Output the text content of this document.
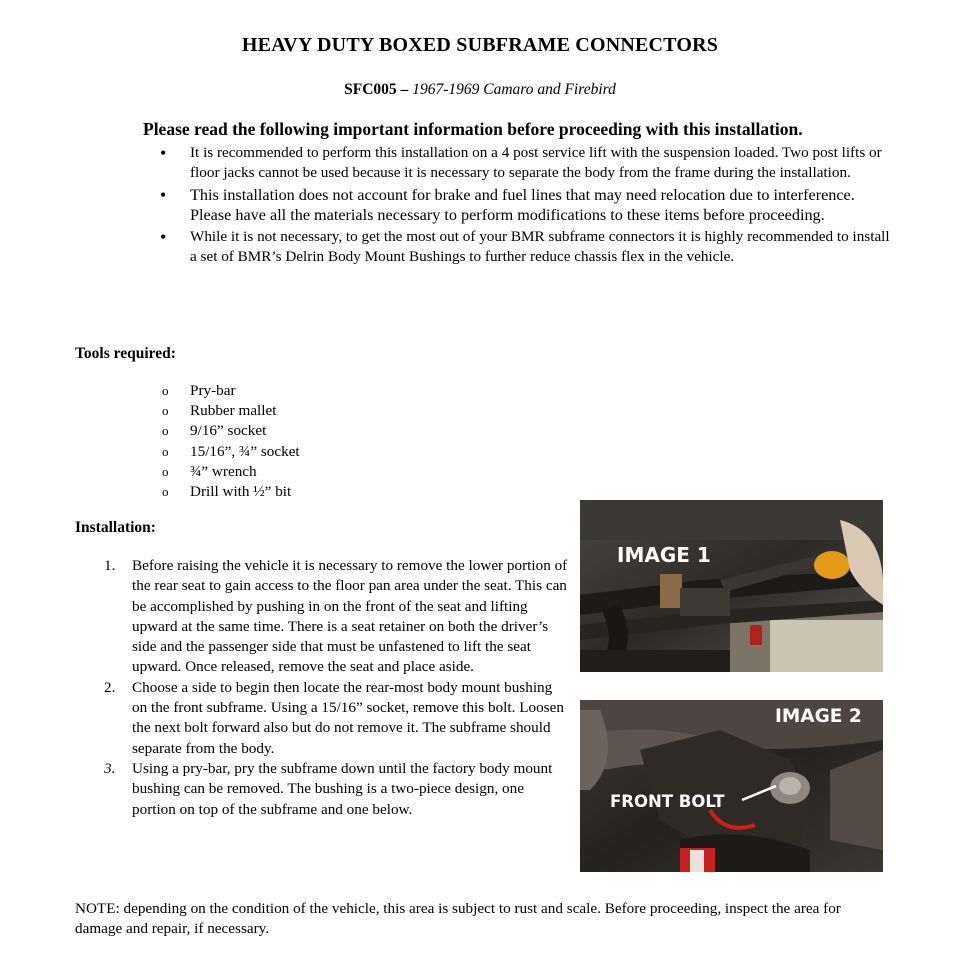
HEAVY DUTY BOXED SUBFRAME CONNECTORS
SFC005 – 1967-1969 Camaro and Firebird
Please read the following important information before proceeding with this installation.
• It is recommended to perform this installation on a 4 post service lift with the suspension loaded. Two post lifts or floor jacks cannot be used because it is necessary to separate the body from the frame during the installation.
• This installation does not account for brake and fuel lines that may need relocation due to interference. Please have all the materials necessary to perform modifications to these items before proceeding.
• While it is not necessary, to get the most out of your BMR subframe connectors it is highly recommended to install a set of BMR’s Delrin Body Mount Bushings to further reduce chassis flex in the vehicle.
Tools required:
o Pry-bar
o Rubber mallet
o 9/16” socket
o 15/16”, ¾” socket
o ¾” wrench
o Drill with ½” bit
Installation:
1. Before raising the vehicle it is necessary to remove the lower portion of the rear seat to gain access to the floor pan area under the seat. This can be accomplished by pushing in on the front of the seat and lifting upward at the same time. There is a seat retainer on both the driver’s side and the passenger side that must be unfastened to lift the seat upward. Once released, remove the seat and place aside.
2. Choose a side to begin then locate the rear-most body mount bushing on the front subframe. Using a 15/16” socket, remove this bolt. Loosen the next bolt forward also but do not remove it. The subframe should separate from the body.
3. Using a pry-bar, pry the subframe down until the factory body mount bushing can be removed. The bushing is a two-piece design, one portion on top of the subframe and one below.
IMAGE 1
IMAGE 2
FRONT BOLT
NOTE: depending on the condition of the vehicle, this area is subject to rust and scale. Before proceeding, inspect the area for damage and repair, if necessary.
